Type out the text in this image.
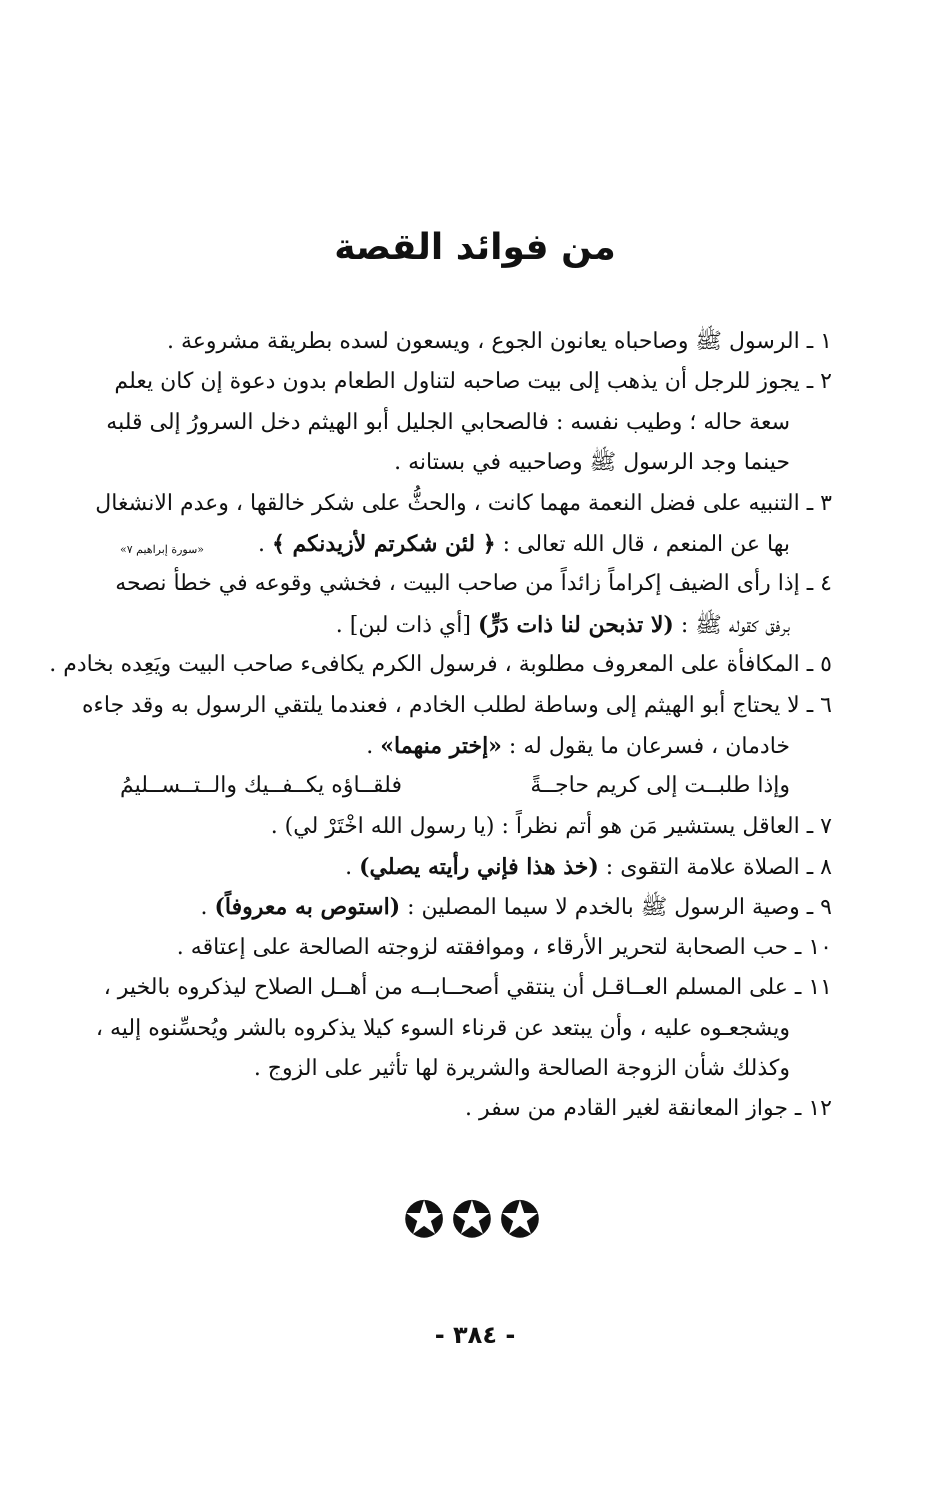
من فوائد القصة
١ ـ الرسول ﷺ وصاحباه يعانون الجوع ، ويسعون لسده بطريقة مشروعة .
٢ ـ يجوز للرجل أن يذهب إلى بيت صاحبه لتناول الطعام بدون دعوة إن كان يعلم
سعة حاله ؛ وطيب نفسه : فالصحابي الجليل أبو الهيثم دخل السرورُ إلى قلبه
حينما وجد الرسول ﷺ وصاحبيه في بستانه .
٣ ـ التنبيه على فضل النعمة مهما كانت ، والحثُّ على شكر خالقها ، وعدم الانشغال
بها عن المنعم ، قال الله تعالى : ﴿ لئن شكرتم لأزيدنكم ﴾ .
«سورة إبراهيم ٧»
٤ ـ إذا رأى الضيف إكراماً زائداً من صاحب البيت ، فخشي وقوعه في خطأ نصحه
برفق كقوله ﷺ : (لا تذبحن لنا ذات دَرٍّ) [أي ذات لبن] .
٥ ـ المكافأة على المعروف مطلوبة ، فرسول الكرم يكافىء صاحب البيت ويَعِده بخادم .
٦ ـ لا يحتاج أبو الهيثم إلى وساطة لطلب الخادم ، فعندما يلتقي الرسول به وقد جاءه
خادمان ، فسرعان ما يقول له : «إختر منهما» .
وإذا طلبــت إلى كريم حاجــةً
فلقــاؤه يكــفــيك والــتــســليمُ
٧ ـ العاقل يستشير مَن هو أتم نظراً : (يا رسول الله اخْتَرْ لي) .
٨ ـ الصلاة علامة التقوى : (خذ هذا فإني رأيته يصلي) .
٩ ـ وصية الرسول ﷺ بالخدم لا سيما المصلين : (استوص به معروفاً) .
١٠ ـ حب الصحابة لتحرير الأرقاء ، وموافقته لزوجته الصالحة على إعتاقه .
١١ ـ على المسلم العــاقـل أن ينتقي أصحــابــه من أهــل الصلاح ليذكروه بالخير ،
ويشجعـوه عليه ، وأن يبتعد عن قرناء السوء كيلا يذكروه بالشر ويُحسِّنوه إليه ،
وكذلك شأن الزوجة الصالحة والشريرة لها تأثير على الزوج .
١٢ ـ جواز المعانقة لغير القادم من سفر .
✪✪✪
- ٣٨٤ -
